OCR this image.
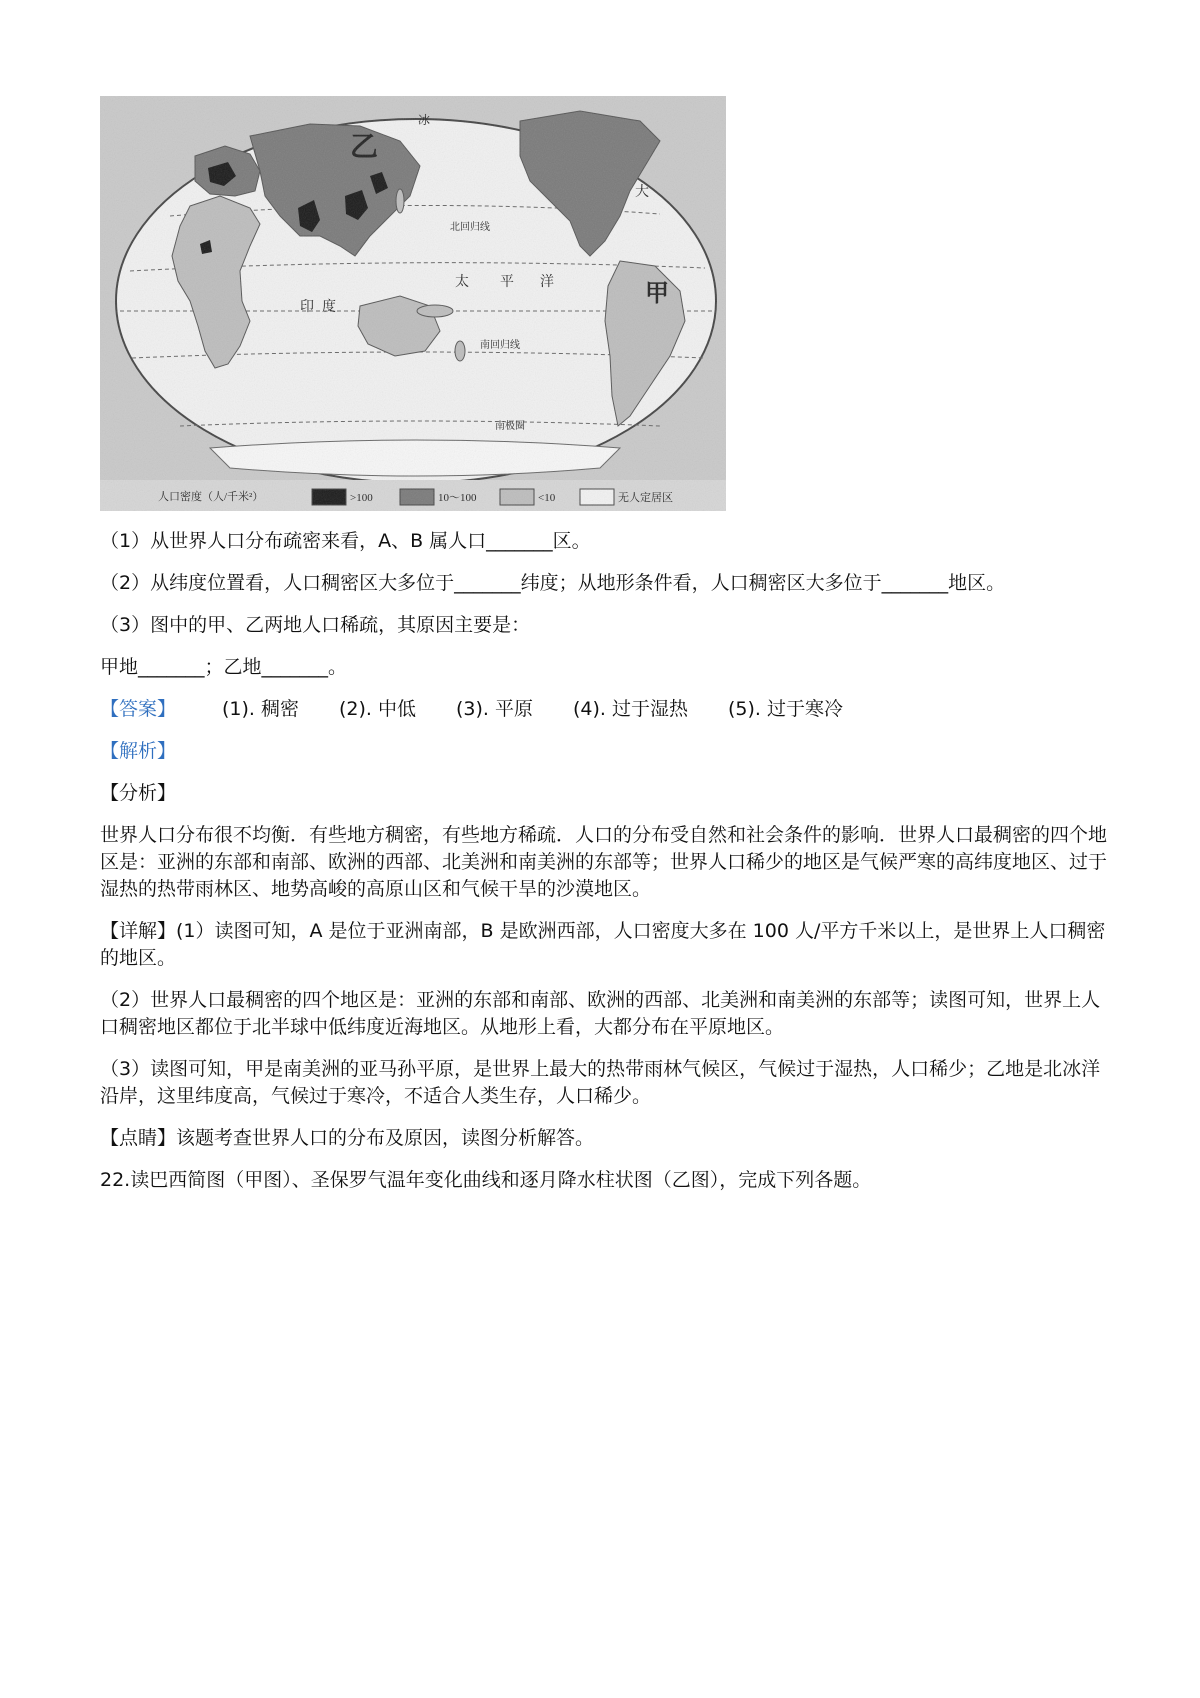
（1）从世界人口分布疏密来看，A、B 属人口_______区。

（2）从纬度位置看，人口稠密区大多位于_______纬度；从地形条件看，人口稠密区大多位于_______地区。

（3）图中的甲、乙两地人口稀疏，其原因主要是：

甲地_______；乙地_______。

【答案】 (1). 稠密 (2). 中低 (3). 平原 (4). 过于湿热 (5). 过于寒冷

【解析】

【分析】

世界人口分布很不均衡．有些地方稠密，有些地方稀疏．人口的分布受自然和社会条件的影响．世界人口最稠密的四个地区是：亚洲的东部和南部、欧洲的西部、北美洲和南美洲的东部等；世界人口稀少的地区是气候严寒的高纬度地区、过于湿热的热带雨林区、地势高峻的高原山区和气候干旱的沙漠地区。

【详解】(1）读图可知，A 是位于亚洲南部，B 是欧洲西部，人口密度大多在 100 人/平方千米以上，是世界上人口稠密的地区。

（2）世界人口最稠密的四个地区是：亚洲的东部和南部、欧洲的西部、北美洲和南美洲的东部等；读图可知，世界上人口稠密地区都位于北半球中低纬度近海地区。从地形上看，大都分布在平原地区。

（3）读图可知，甲是南美洲的亚马孙平原，是世界上最大的热带雨林气候区，气候过于湿热，人口稀少；乙地是北冰洋沿岸，这里纬度高，气候过于寒冷，不适合人类生存，人口稀少。

【点睛】该题考查世界人口的分布及原因，读图分析解答。

22.读巴西简图（甲图）、圣保罗气温年变化曲线和逐月降水柱状图（乙图），完成下列各题。
